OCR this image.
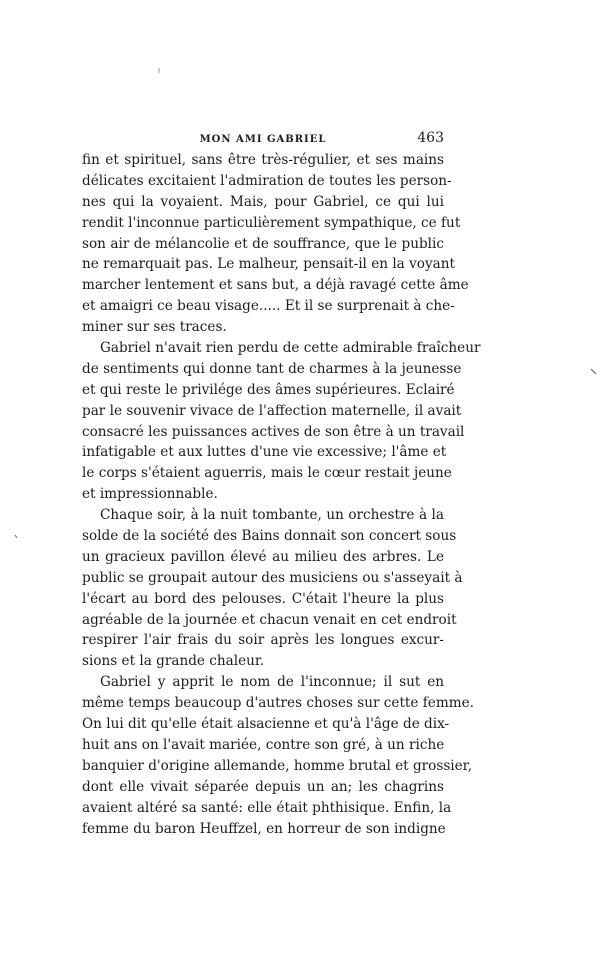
MON AMI GABRIEL	463
fin et spirituel, sans être très-régulier, et ses mains
délicates excitaient l'admiration de toutes les person-
nes qui la voyaient. Mais, pour Gabriel, ce qui lui
rendit l'inconnue particulièrement sympathique, ce fut
son air de mélancolie et de souffrance, que le public
ne remarquait pas. Le malheur, pensait-il en la voyant
marcher lentement et sans but, a déjà ravagé cette âme
et amaigri ce beau visage..... Et il se surprenait à che-
miner sur ses traces.
Gabriel n'avait rien perdu de cette admirable fraîcheur
de sentiments qui donne tant de charmes à la jeunesse
et qui reste le privilége des âmes supérieures. Eclairé
par le souvenir vivace de l'affection maternelle, il avait
consacré les puissances actives de son être à un travail
infatigable et aux luttes d'une vie excessive; l'âme et
le corps s'étaient aguerris, mais le cœur restait jeune
et impressionnable.
Chaque soir, à la nuit tombante, un orchestre à la
solde de la société des Bains donnait son concert sous
un gracieux pavillon élevé au milieu des arbres. Le
public se groupait autour des musiciens ou s'asseyait à
l'écart au bord des pelouses. C'était l'heure la plus
agréable de la journée et chacun venait en cet endroit
respirer l'air frais du soir après les longues excur-
sions et la grande chaleur.
Gabriel y apprit le nom de l'inconnue; il sut en
même temps beaucoup d'autres choses sur cette femme.
On lui dit qu'elle était alsacienne et qu'à l'âge de dix-
huit ans on l'avait mariée, contre son gré, à un riche
banquier d'origine allemande, homme brutal et grossier,
dont elle vivait séparée depuis un an; les chagrins
avaient altéré sa santé: elle était phthisique. Enfin, la
femme du baron Heuffzel, en horreur de son indigne
